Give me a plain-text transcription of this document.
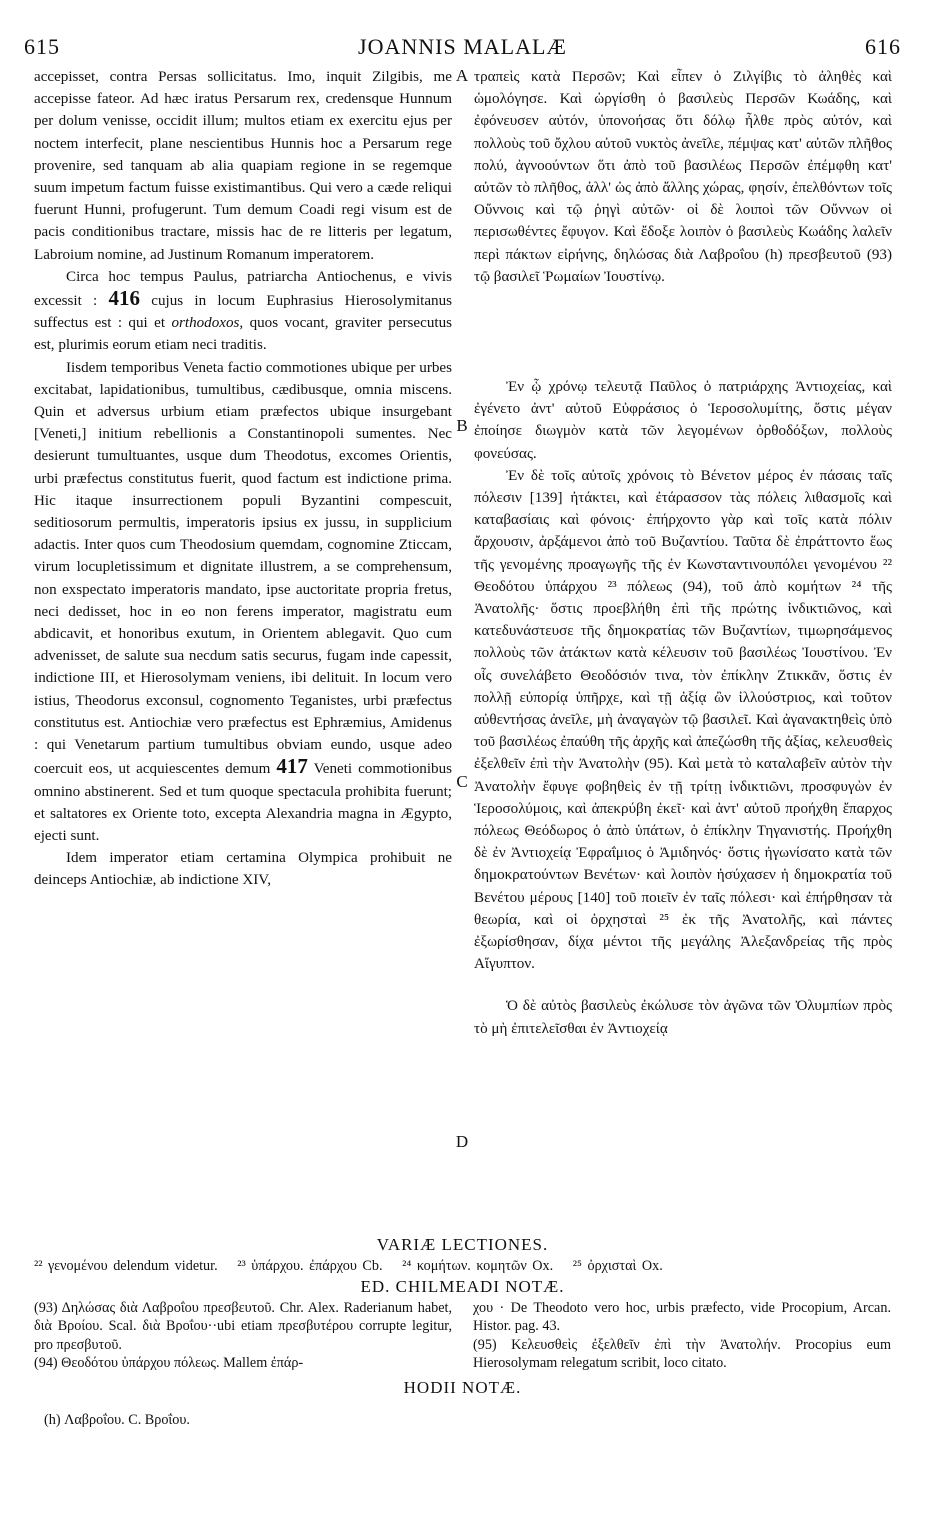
615	JOANNIS MALALÆ	616

accepisset, contra Persas sollicitatus. Imo, inquit Zilgibis, me accepisse fateor. Ad hæc iratus Persarum rex, credensque Hunnum per dolum venisse, occidit illum; multos etiam ex exercitu ejus per noctem interfecit, plane nescientibus Hunnis hoc a Persarum rege provenire, sed tanquam ab alia quapiam regione in se regemque suum impetum factum fuisse existimantibus. Qui vero a cæde reliqui fuerunt Hunni, profugerunt. Tum demum Coadi regi visum est de pacis conditionibus tractare, missis hac de re litteris per legatum, Labroium nomine, ad Justinum Romanum imperatorem.

Circa hoc tempus Paulus, patriarcha Antiochenus, e vivis excessit : 416 cujus in locum Euphrasius Hierosolymitanus suffectus est : qui et orthodoxos, quos vocant, graviter persecutus est, plurimis eorum etiam neci traditis.

Iisdem temporibus Veneta factio commotiones ubique per urbes excitabat, lapidationibus, tumultibus, cædibusque, omnia miscens. Quin et adversus urbium etiam præfectos ubique insurgebant [Veneti,] initium rebellionis a Constantinopoli sumentes. Nec desierunt tumultuantes, usque dum Theodotus, excomes Orientis, urbi præfectus constitutus fuerit, quod factum est indictione prima. Hic itaque insurrectionem populi Byzantini compescuit, seditiosorum permultis, imperatoris ipsius ex jussu, in supplicium adactis. Inter quos cum Theodosium quemdam, cognomine Zticcam, virum locupletissimum et dignitate illustrem, a se comprehensum, non exspectato imperatoris mandato, ipse auctoritate propria fretus, neci dedisset, hoc in eo non ferens imperator, magistratu eum abdicavit, et honoribus exutum, in Orientem ablegavit. Quo cum advenisset, de salute sua necdum satis securus, fugam inde capessit, indictione III, et Hierosolymam veniens, ibi delituit. In locum vero istius, Theodorus exconsul, cognomento Teganistes, urbi præfectus constitutus est. Antiochiæ vero præfectus est Ephræmius, Amidenus : qui Venetarum partium tumultibus obviam eundo, usque adeo coercuit eos, ut acquiescentes demum 417 Veneti commotionibus omnino abstinerent. Sed et tum quoque spectacula prohibita fuerunt; et saltatores ex Oriente toto, excepta Alexandria magna in Ægypto, ejecti sunt.

Idem imperator etiam certamina Olympica prohibuit ne deinceps Antiochiæ, ab indictione XIV,

A
B
C
D

τραπεὶς κατὰ Περσῶν; Καὶ εἶπεν ὁ Ζιλγίβις τὸ ἀληθὲς καὶ ὡμολόγησε. Καὶ ὠργίσθη ὁ βασιλεὺς Περσῶν Κωάδης, καὶ ἐφόνευσεν αὐτόν, ὑπονοήσας ὅτι δόλῳ ἦλθε πρὸς αὐτόν, καὶ πολλοὺς τοῦ ὄχλου αὐτοῦ νυκτὸς ἀνεῖλε, πέμψας κατ' αὐτῶν πλῆθος πολύ, ἀγνοούντων ὅτι ἀπὸ τοῦ βασιλέως Περσῶν ἐπέμφθη κατ' αὐτῶν τὸ πλῆθος, ἀλλ' ὡς ἀπὸ ἄλλης χώρας, φησίν, ἐπελθόντων τοῖς Οὔννοις καὶ τῷ ῥηγὶ αὐτῶν· οἱ δὲ λοιποὶ τῶν Οὔννων οἱ περισωθέντες ἔφυγον. Καὶ ἔδοξε λοιπὸν ὁ βασιλεὺς Κωάδης λαλεῖν περὶ πάκτων εἰρήνης, δηλώσας διὰ Λαβροΐου (h) πρεσβευτοῦ (93) τῷ βασιλεῖ Ῥωμαίων Ἰουστίνῳ.

Ἐν ᾧ χρόνῳ τελευτᾷ Παῦλος ὁ πατριάρχης Ἀντιοχείας, καὶ ἐγένετο ἀντ' αὐτοῦ Εὐφράσιος ὁ Ἱεροσολυμίτης, ὅστις μέγαν ἐποίησε διωγμὸν κατὰ τῶν λεγομένων ὀρθοδόξων, πολλοὺς φονεύσας.

Ἐν δὲ τοῖς αὐτοῖς χρόνοις τὸ Βένετον μέρος ἐν πάσαις ταῖς πόλεσιν [139] ἠτάκτει, καὶ ἐτάρασσον τὰς πόλεις λιθασμοῖς καὶ καταβασίαις καὶ φόνοις· ἐπήρχοντο γὰρ καὶ τοῖς κατὰ πόλιν ἄρχουσιν, ἀρξάμενοι ἀπὸ τοῦ Βυζαντίου. Ταῦτα δὲ ἐπράττοντο ἕως τῆς γενομένης προαγωγῆς τῆς ἐν Κωνσταντινουπόλει γενομένου ²² Θεοδότου ὑπάρχου ²³ πόλεως (94), τοῦ ἀπὸ κομήτων ²⁴ τῆς Ἀνατολῆς· ὅστις προεβλήθη ἐπὶ τῆς πρώτης ἰνδικτιῶνος, καὶ κατεδυνάστευσε τῆς δημοκρατίας τῶν Βυζαντίων, τιμωρησάμενος πολλοὺς τῶν ἀτάκτων κατὰ κέλευσιν τοῦ βασιλέως Ἰουστίνου. Ἐν οἷς συνελάβετο Θεοδόσιόν τινα, τὸν ἐπίκλην Ζτικκᾶν, ὅστις ἐν πολλῇ εὐπορίᾳ ὑπῆρχε, καὶ τῇ ἀξίᾳ ὢν ἰλλούστριος, καὶ τοῦτον αὐθεντήσας ἀνεῖλε, μὴ ἀναγαγὼν τῷ βασιλεῖ. Καὶ ἀγανακτηθεὶς ὑπὸ τοῦ βασιλέως ἐπαύθη τῆς ἀρχῆς καὶ ἀπεζώσθη τῆς ἀξίας, κελευσθεὶς ἐξελθεῖν ἐπὶ τὴν Ἀνατολὴν (95). Καὶ μετὰ τὸ καταλαβεῖν αὐτὸν τὴν Ἀνατολὴν ἔφυγε φοβηθεὶς ἐν τῇ τρίτῃ ἰνδικτιῶνι, προσφυγὼν ἐν Ἱεροσολύμοις, καὶ ἀπεκρύβη ἐκεῖ· καὶ ἀντ' αὐτοῦ προήχθη ἔπαρχος πόλεως Θεόδωρος ὁ ἀπὸ ὑπάτων, ὁ ἐπίκλην Τηγανιστής. Προήχθη δὲ ἐν Ἀντιοχείᾳ Ἐφραΐμιος ὁ Ἀμιδηνός· ὅστις ἠγωνίσατο κατὰ τῶν δημοκρατούντων Βενέτων· καὶ λοιπὸν ἡσύχασεν ἡ δημοκρατία τοῦ Βενέτου μέρους [140] τοῦ ποιεῖν ἐν ταῖς πόλεσι· καὶ ἐπήρθησαν τὰ θεωρία, καὶ οἱ ὀρχησταὶ ²⁵ ἐκ τῆς Ἀνατολῆς, καὶ πάντες ἐξωρίσθησαν, δίχα μέντοι τῆς μεγάλης Ἀλεξανδρείας τῆς πρὸς Αἴγυπτον.

Ὁ δὲ αὐτὸς βασιλεὺς ἐκώλυσε τὸν ἀγῶνα τῶν Ὀλυμπίων πρὸς τὸ μὴ ἐπιτελεῖσθαι ἐν Ἀντιοχείᾳ

VARIÆ LECTIONES.
²² γενομένου delendum videtur. ²³ ὑπάρχου. ἐπάρχου Cb. ²⁴ κομήτων. κομητῶν Ox. ²⁵ ὀρχισταὶ Ox.
ED. CHILMEADI NOTÆ.

(93) Δηλώσας διὰ Λαβροΐου πρεσβευτοῦ. Chr. Alex. Raderianum habet, διὰ Βροίου. Scal. διὰ Βροΐου··ubi etiam πρεσβυτέρου corrupte legitur, pro πρεσβυτοῦ.

(94) Θεοδότου ὑπάρχου πόλεως. Mallem ἐπάρ-

χου · De Theodoto vero hoc, urbis præfecto, vide Procopium, Arcan. Histor. pag. 43.

(95) Κελευσθεὶς ἐξελθεῖν ἐπὶ τὴν Ἀνατολήν. Procopius eum Hierosolymam relegatum scribit, loco citato.

HODII NOTÆ.
(h) Λαβροΐου. C. Βροΐου.
